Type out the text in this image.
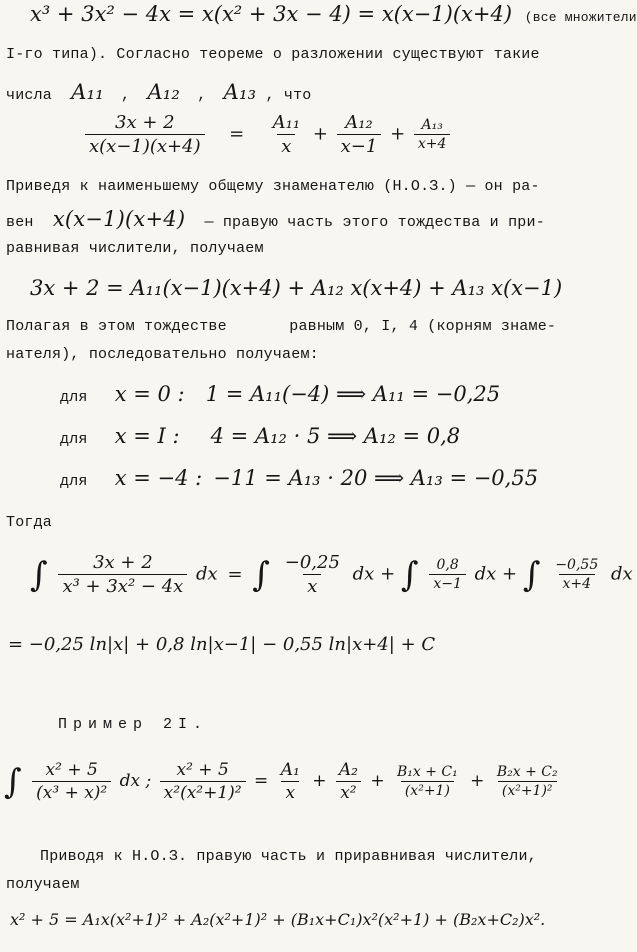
x³ + 3x² − 4x = x(x² + 3x − 4) = x(x−1)(x+4) (все множители
I-го типа). Согласно теореме о разложении существуют такие
числа A₁₁ , A₁₂ , A₁₃ , что
$\frac{3x + 2}{x(x-1)(x+4)} = \frac{\text{A₁₁}}{x} + \frac{\text{A₁₂}}{x-1} + \frac{\text{A₁₃}}{x+4}$
Приведя к наименьшему общему знаменателю (Н.О.З.) — он ра-
вен x(x−1)(x+4) — правую часть этого тождества и при-
равнивая числители, получаем
3x + 2 = A₁₁(x−1)(x+4) + A₁₂ x(x+4) + A₁₃ x(x−1)
Полагая в этом тождестве	равным 0, I, 4 (корням знаме-
нателя), последовательно получаем:
для x = 0 : 1 = A₁₁(−4) ⟹ A₁₁ = −0,25
для x = I : 4 = A₁₂ · 5 ⟹ A₁₂ = 0,8
для x = −4 : −11 = A₁₃ · 20 ⟹ A₁₃ = −0,55
Тогда
∫ $\frac{3x + 2}{\text{x³ + 3x² − 4x}}$ dx = ∫ $\frac{-0,25}{x}$ dx + ∫ $\frac{0,8}{x-1}$ dx + ∫ $\frac{-0,55}{x+4}$ dx
= −0,25 ln|x| + 0,8 ln|x−1| − 0,55 ln|x+4| + C
Пример 2I.
∫ $\frac{\text{x² + 5}}{\text{(x³ + x)²}}$ dx ; $\frac{\text{x² + 5}}{\text{x²(x²+1)²}} = \frac{\text{A₁}}{x} + \frac{\text{A₂}}{\text{x²}} + \frac{\text{B₁x + C₁}}{\text{(x²+1)}} + \frac{\text{B₂x + C₂}}{\text{(x²+1)²}}$
Приводя к Н.О.З. правую часть и приравнивая числители,
получаем
x² + 5 = A₁x(x²+1)² + A₂(x²+1)² + (B₁x+C₁)x²(x²+1) + (B₂x+C₂)x².
